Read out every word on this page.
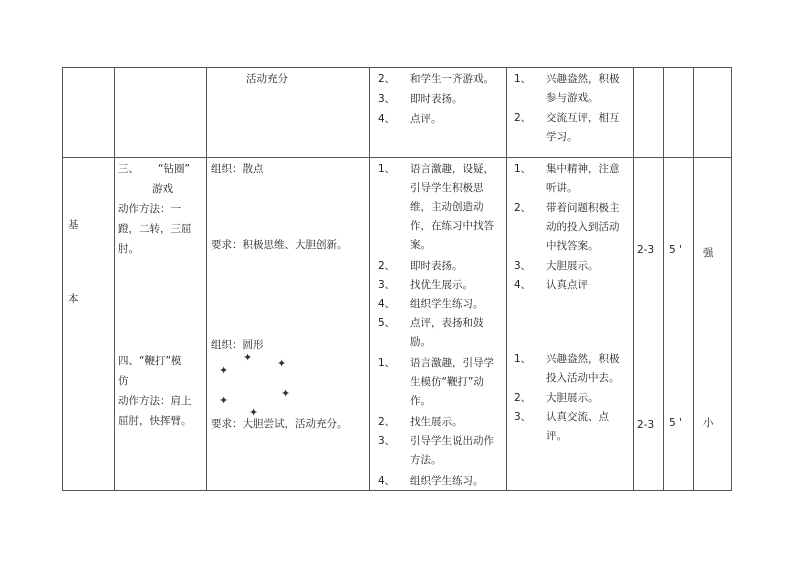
活动充分	2、 和学生一齐游戏。
3、 即时表扬。
4、 点评。
1、 兴趣盎然，积极
参与游戏。
2、 交流互评，相互
学习。
基
本
三、 “钻圈”
游戏
动作方法：一
蹬，二转，三屈
肘。
四、“鞭打”模
仿
动作方法：肩上
屈肘，快挥臂。
组织：散点
要求：积极思维、大胆创新。
组织：圆形
要求：大胆尝试，活动充分。
✦
✦
✦
✦
✦
✦
1、 语言激趣，设疑，
引导学生积极思
维，主动创造动
作，在练习中找答
案。
2、 即时表扬。
3、 找优生展示。
4、 组织学生练习。
5、 点评，表扬和鼓
励。
1、 语言激趣，引导学
生模仿“鞭打”动
作。
2、 找生展示。
3、 引导学生说出动作
方法。
4、 组织学生练习。
1、 集中精神，注意
听讲。
2、 带着问题积极主
动的投入到活动
中找答案。
3、 大胆展示。
4、 认真点评
1、 兴趣盎然，积极
投入活动中去。
2、 大胆展示。
3、 认真交流、点
评。
2-3 5 ' 强
2-3 5 ' 小
